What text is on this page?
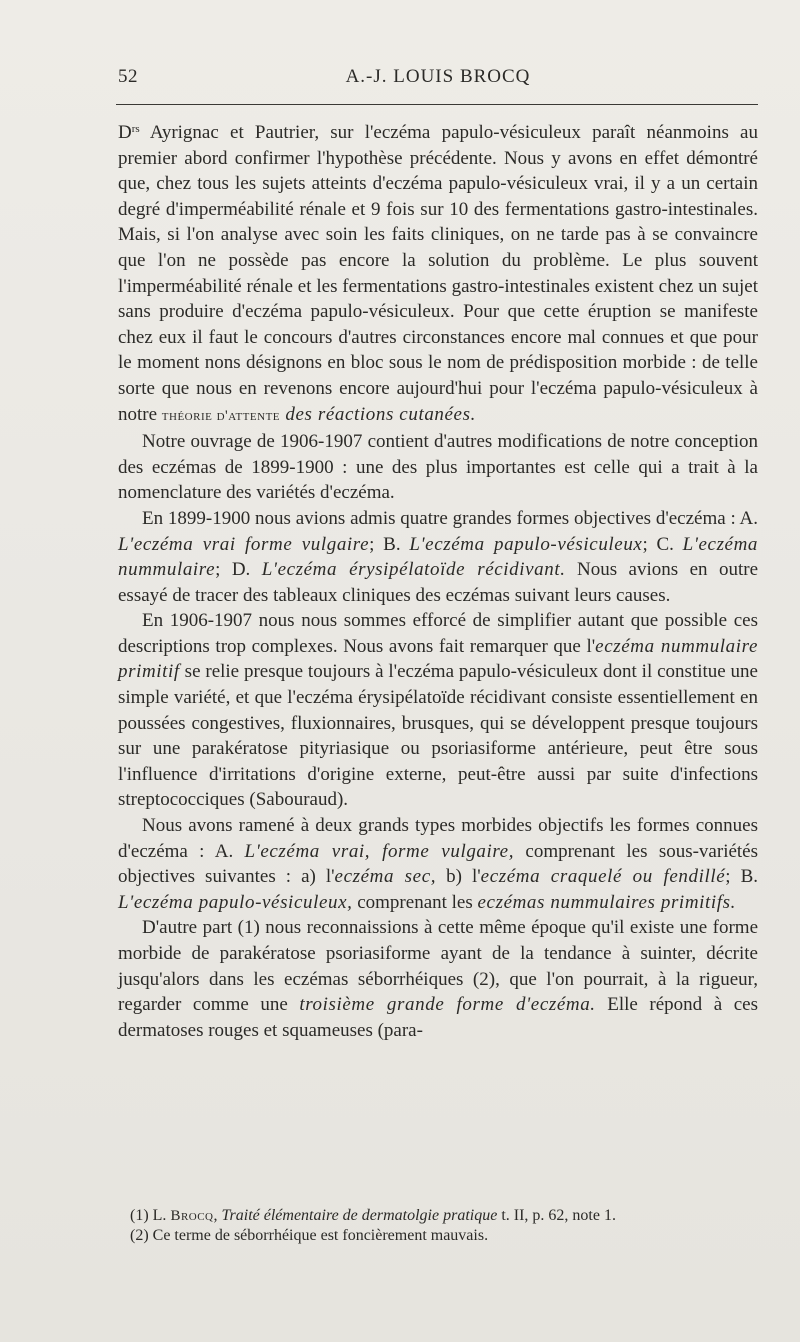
52	A.-J. LOUIS BROCQ

$D^{rs}$ Ayrignac et Pautrier, sur l'eczéma papulo-vésiculeux paraît néanmoins au premier abord confirmer l'hypothèse précédente. Nous y avons en effet démontré que, chez tous les sujets atteints d'eczéma papulo-vésiculeux vrai, il y a un certain degré d'imperméabilité rénale et 9 fois sur 10 des fermentations gastro-intestinales. Mais, si l'on analyse avec soin les faits cliniques, on ne tarde pas à se convaincre que l'on ne possède pas encore la solution du problème. Le plus souvent l'imperméabilité rénale et les fermentations gastro-intestinales existent chez un sujet sans produire d'eczéma papulo-vésiculeux. Pour que cette éruption se manifeste chez eux il faut le concours d'autres circonstances encore mal connues et que pour le moment nons désignons en bloc sous le nom de prédisposition morbide : de telle sorte que nous en revenons encore aujourd'hui pour l'eczéma papulo-vésiculeux à notre théorie d'attente des réactions cutanées.

Notre ouvrage de 1906-1907 contient d'autres modifications de notre conception des eczémas de 1899-1900 : une des plus importantes est celle qui a trait à la nomenclature des variétés d'eczéma.

En 1899-1900 nous avions admis quatre grandes formes objectives d'eczéma : A. L'eczéma vrai forme vulgaire; B. L'eczéma papulo-vésiculeux; C. L'eczéma nummulaire; D. L'eczéma érysipélatoïde récidivant. Nous avions en outre essayé de tracer des tableaux cliniques des eczémas suivant leurs causes.

En 1906-1907 nous nous sommes efforcé de simplifier autant que possible ces descriptions trop complexes. Nous avons fait remarquer que l'eczéma nummulaire primitif se relie presque toujours à l'eczéma papulo-vésiculeux dont il constitue une simple variété, et que l'eczéma érysipélatoïde récidivant consiste essentiellement en poussées congestives, fluxionnaires, brusques, qui se développent presque toujours sur une parakératose pityriasique ou psoriasiforme antérieure, peut être sous l'influence d'irritations d'origine externe, peut-être aussi par suite d'infections streptococciques (Sabouraud).

Nous avons ramené à deux grands types morbides objectifs les formes connues d'eczéma : A. L'eczéma vrai, forme vulgaire, comprenant les sous-variétés objectives suivantes : a) l'eczéma sec, b) l'eczéma craquelé ou fendillé; B. L'eczéma papulo-vésiculeux, comprenant les eczémas nummulaires primitifs.

D'autre part (1) nous reconnaissions à cette même époque qu'il existe une forme morbide de parakératose psoriasiforme ayant de la tendance à suinter, décrite jusqu'alors dans les eczémas séborrhéiques (2), que l'on pourrait, à la rigueur, regarder comme une troisième grande forme d'eczéma. Elle répond à ces dermatoses rouges et squameuses (para-

(1) L. Brocq, Traité élémentaire de dermatolgie pratique t. II, p. 62, note 1.
(2) Ce terme de séborrhéique est foncièrement mauvais.
